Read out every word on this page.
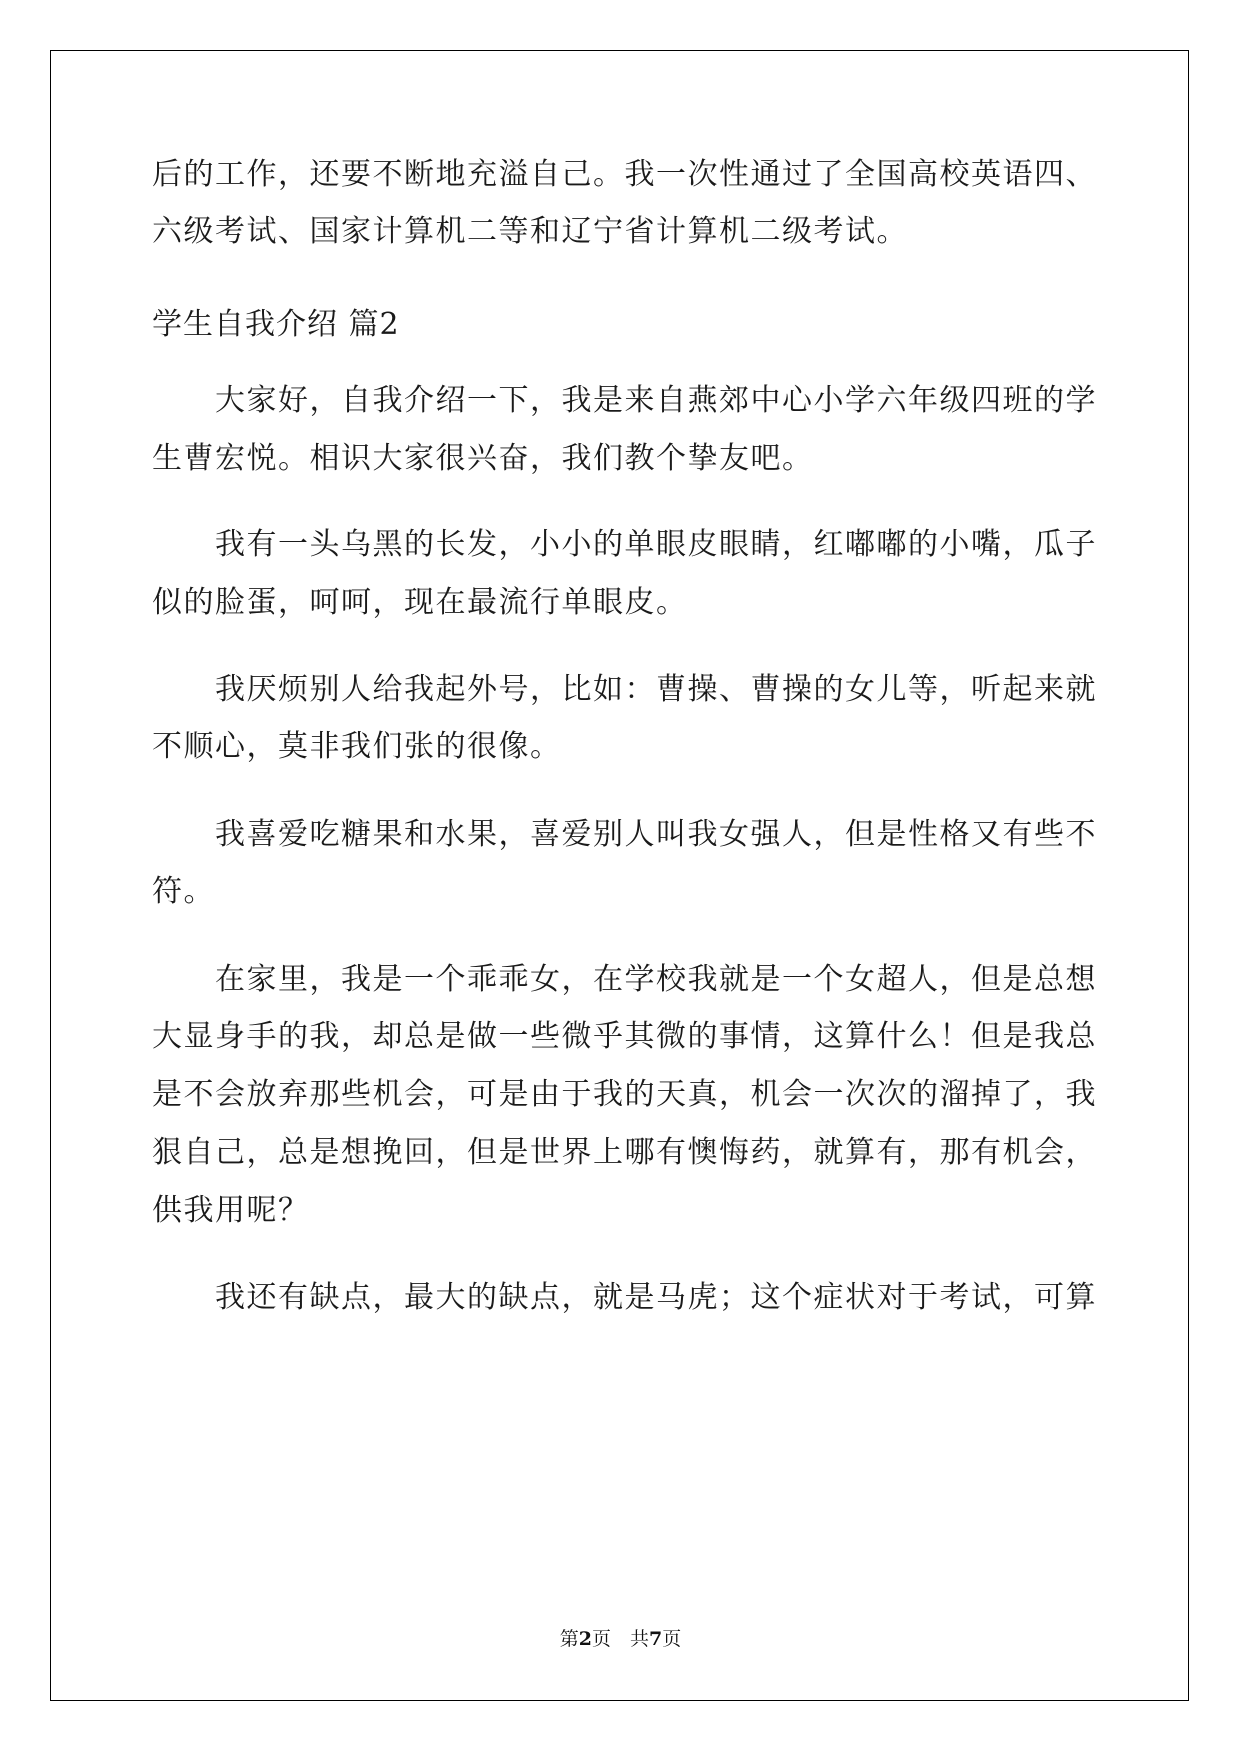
后的工作，还要不断地充溢自己。我一次性通过了全国高校英语四、
六级考试、国家计算机二等和辽宁省计算机二级考试。
学生自我介绍 篇2
　　大家好，自我介绍一下，我是来自燕郊中心小学六年级四班的学
生曹宏悦。相识大家很兴奋，我们教个挚友吧。
　　我有一头乌黑的长发，小小的单眼皮眼睛，红嘟嘟的小嘴，瓜子
似的脸蛋，呵呵，现在最流行单眼皮。
　　我厌烦别人给我起外号，比如：曹操、曹操的女儿等，听起来就
不顺心，莫非我们张的很像。
　　我喜爱吃糖果和水果，喜爱别人叫我女强人，但是性格又有些不
符。
　　在家里，我是一个乖乖女，在学校我就是一个女超人，但是总想
大显身手的我，却总是做一些微乎其微的事情，这算什么！但是我总
是不会放弃那些机会，可是由于我的天真，机会一次次的溜掉了，我
狠自己，总是想挽回，但是世界上哪有懊悔药，就算有，那有机会，
供我用呢？
　　我还有缺点，最大的缺点，就是马虎；这个症状对于考试，可算
第2页　共7页
